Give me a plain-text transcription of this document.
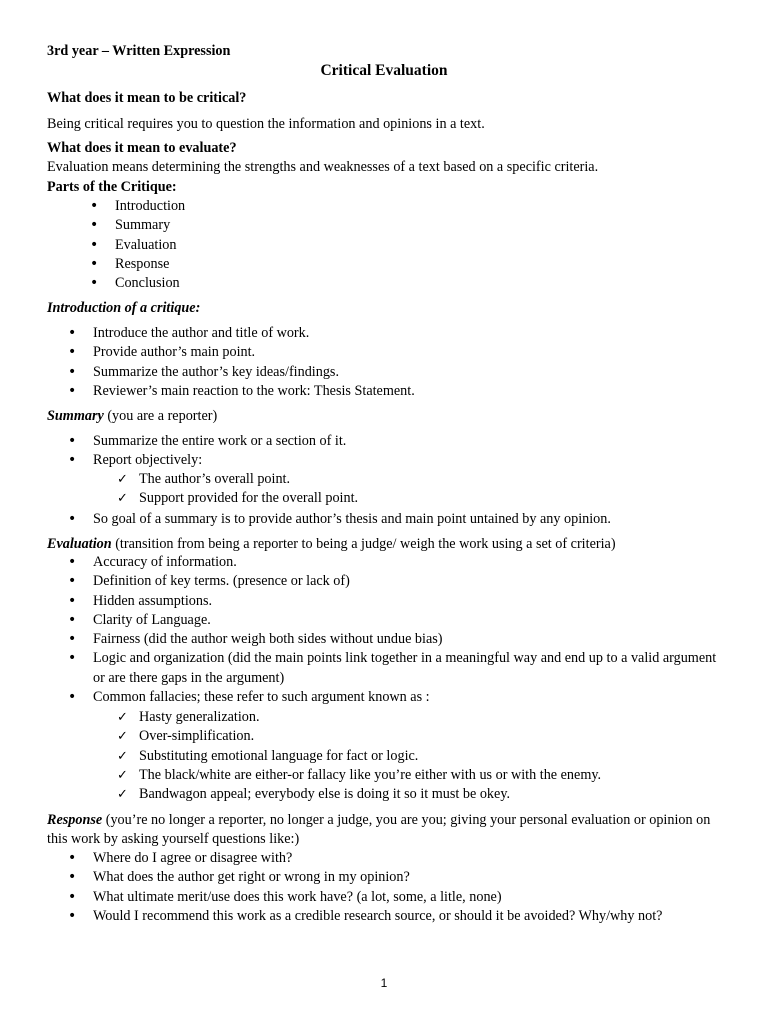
3rd year – Written Expression
Critical Evaluation
What does it mean to be critical?
Being critical requires you to question the information and opinions in a text.
What does it mean to evaluate?
Evaluation means determining the strengths and weaknesses of a text based on a specific criteria.
Parts of the Critique:
• Introduction
• Summary
• Evaluation
• Response
• Conclusion
Introduction of a critique:
• Introduce the author and title of work.
• Provide author’s main point.
• Summarize the author’s key ideas/findings.
• Reviewer’s main reaction to the work: Thesis Statement.
Summary (you are a reporter)
• Summarize the entire work or a section of it.
• Report objectively:
✓ The author’s overall point.
✓ Support provided for the overall point.
• So goal of a summary is to provide author’s thesis and main point untained by any opinion.
Evaluation (transition from being a reporter to being a judge/ weigh the work using a set of criteria)
• Accuracy of information.
• Definition of key terms. (presence or lack of)
• Hidden assumptions.
• Clarity of Language.
• Fairness (did the author weigh both sides without undue bias)
• Logic and organization (did the main points link together in a meaningful way and end up to a valid argument or are there gaps in the argument)
• Common fallacies; these refer to such argument known as :
✓ Hasty generalization.
✓ Over-simplification.
✓ Substituting emotional language for fact or logic.
✓ The black/white are either-or fallacy like you’re either with us or with the enemy.
✓ Bandwagon appeal; everybody else is doing it so it must be okey.
Response (you’re no longer a reporter, no longer a judge, you are you; giving your personal evaluation or opinion on this work by asking yourself questions like:)
• Where do I agree or disagree with?
• What does the author get right or wrong in my opinion?
• What ultimate merit/use does this work have? (a lot, some, a litle, none)
• Would I recommend this work as a credible research source, or should it be avoided? Why/why not?
1
